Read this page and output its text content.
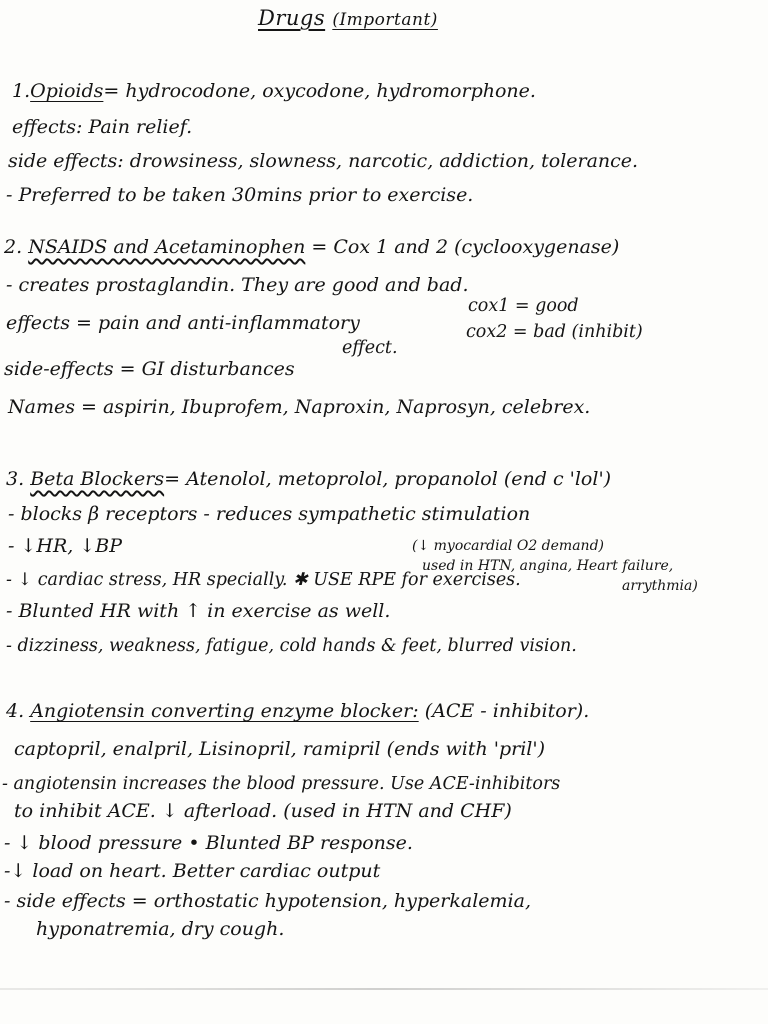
Drugs (Important)
1.Opioids= hydrocodone, oxycodone, hydromorphone.
effects: Pain relief.
side effects: drowsiness, slowness, narcotic, addiction, tolerance.
- Preferred to be taken 30mins prior to exercise.
2. NSAIDS and Acetaminophen = Cox 1 and 2 (cyclooxygenase)
- creates prostaglandin. They are good and bad.
cox1 = good
effects = pain and anti-inflammatory	cox2 = bad (inhibit)
effect.
side-effects = GI disturbances
Names = aspirin, Ibuprofem, Naproxin, Naprosyn, celebrex.
3. Beta Blockers= Atenolol, metoprolol, propanolol (end c 'lol')
- blocks β receptors - reduces sympathetic stimulation
- ↓HR, ↓BP	(↓ myocardial O2 demand)
used in HTN, angina, Heart failure,
arrythmia)
- ↓ cardiac stress, HR specially. ✱ USE RPE for exercises.
- Blunted HR with ↑ in exercise as well.
- dizziness, weakness, fatigue, cold hands & feet, blurred vision.
4. Angiotensin converting enzyme blocker: (ACE - inhibitor).
captopril, enalpril, Lisinopril, ramipril (ends with 'pril')
- angiotensin increases the blood pressure. Use ACE-inhibitors
to inhibit ACE. ↓ afterload. (used in HTN and CHF)
- ↓ blood pressure • Blunted BP response.
-↓ load on heart. Better cardiac output
- side effects = orthostatic hypotension, hyperkalemia,
hyponatremia, dry cough.
